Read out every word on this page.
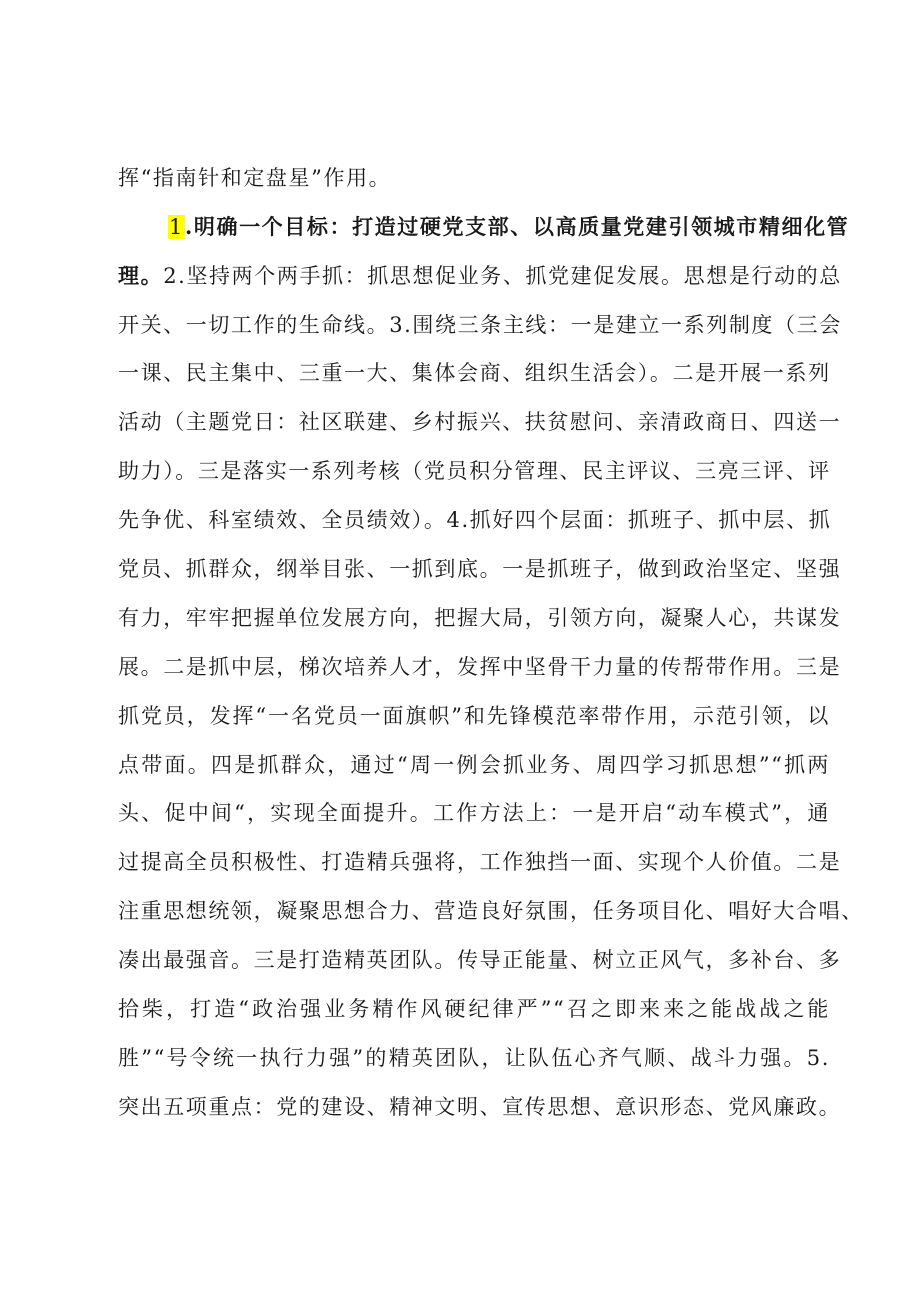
挥“指南针和定盘星”作用。
1.明确一个目标：打造过硬党支部、以高质量党建引领城市精细化管
理。2.坚持两个两手抓：抓思想促业务、抓党建促发展。思想是行动的总
开关、一切工作的生命线。3.围绕三条主线：一是建立一系列制度（三会
一课、民主集中、三重一大、集体会商、组织生活会）。二是开展一系列
活动（主题党日：社区联建、乡村振兴、扶贫慰问、亲清政商日、四送一
助力）。三是落实一系列考核（党员积分管理、民主评议、三亮三评、评
先争优、科室绩效、全员绩效）。4.抓好四个层面：抓班子、抓中层、抓
党员、抓群众，纲举目张、一抓到底。一是抓班子，做到政治坚定、坚强
有力，牢牢把握单位发展方向，把握大局，引领方向，凝聚人心，共谋发
展。二是抓中层，梯次培养人才，发挥中坚骨干力量的传帮带作用。三是
抓党员，发挥“一名党员一面旗帜”和先锋模范率带作用，示范引领，以
点带面。四是抓群众，通过“周一例会抓业务、周四学习抓思想”“抓两
头、促中间“，实现全面提升。工作方法上：一是开启“动车模式”，通
过提高全员积极性、打造精兵强将，工作独挡一面、实现个人价值。二是
注重思想统领，凝聚思想合力、营造良好氛围，任务项目化、唱好大合唱、
凑出最强音。三是打造精英团队。传导正能量、树立正风气，多补台、多
拾柴，打造“政治强业务精作风硬纪律严”“召之即来来之能战战之能
胜”“号令统一执行力强”的精英团队，让队伍心齐气顺、战斗力强。5.
突出五项重点：党的建设、精神文明、宣传思想、意识形态、党风廉政。
